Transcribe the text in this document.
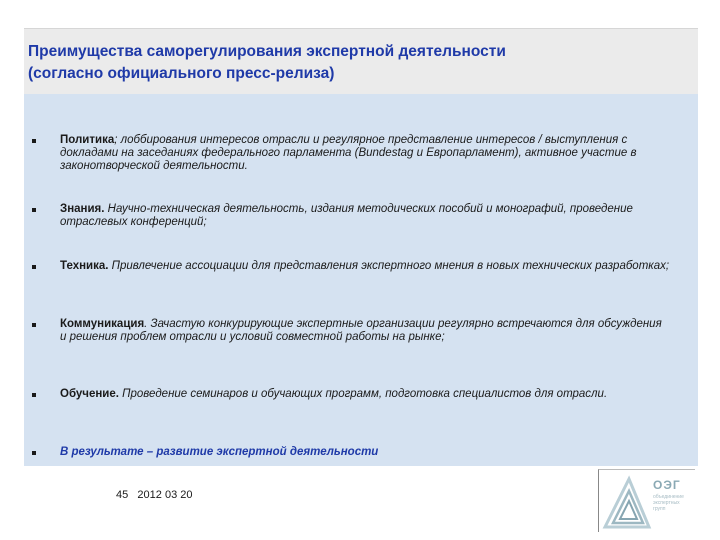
Преимущества саморегулирования экспертной деятельности
(согласно официального пресс-релиза)
Политика; лоббирования интересов отрасли и регулярное представление интересов / выступления с докладами на заседаниях федерального парламента (Bundestag и Европарламент), активное участие в законотворческой деятельности.
Знания. Научно-техническая деятельность, издания методических пособий и монографий, проведение отраслевых конференций;
Техника. Привлечение ассоциации для представления экспертного мнения в новых технических разработках;
Коммуникация. Зачастую конкурирующие экспертные организации регулярно встречаются для обсуждения и решения проблем отрасли и условий совместной работы на рынке;
Обучение. Проведение семинаров и обучающих программ, подготовка специалистов для отрасли.
В результате – развитие экспертной деятельности
45 2012 03 20
ОЭГ
объединение экспертных групп
